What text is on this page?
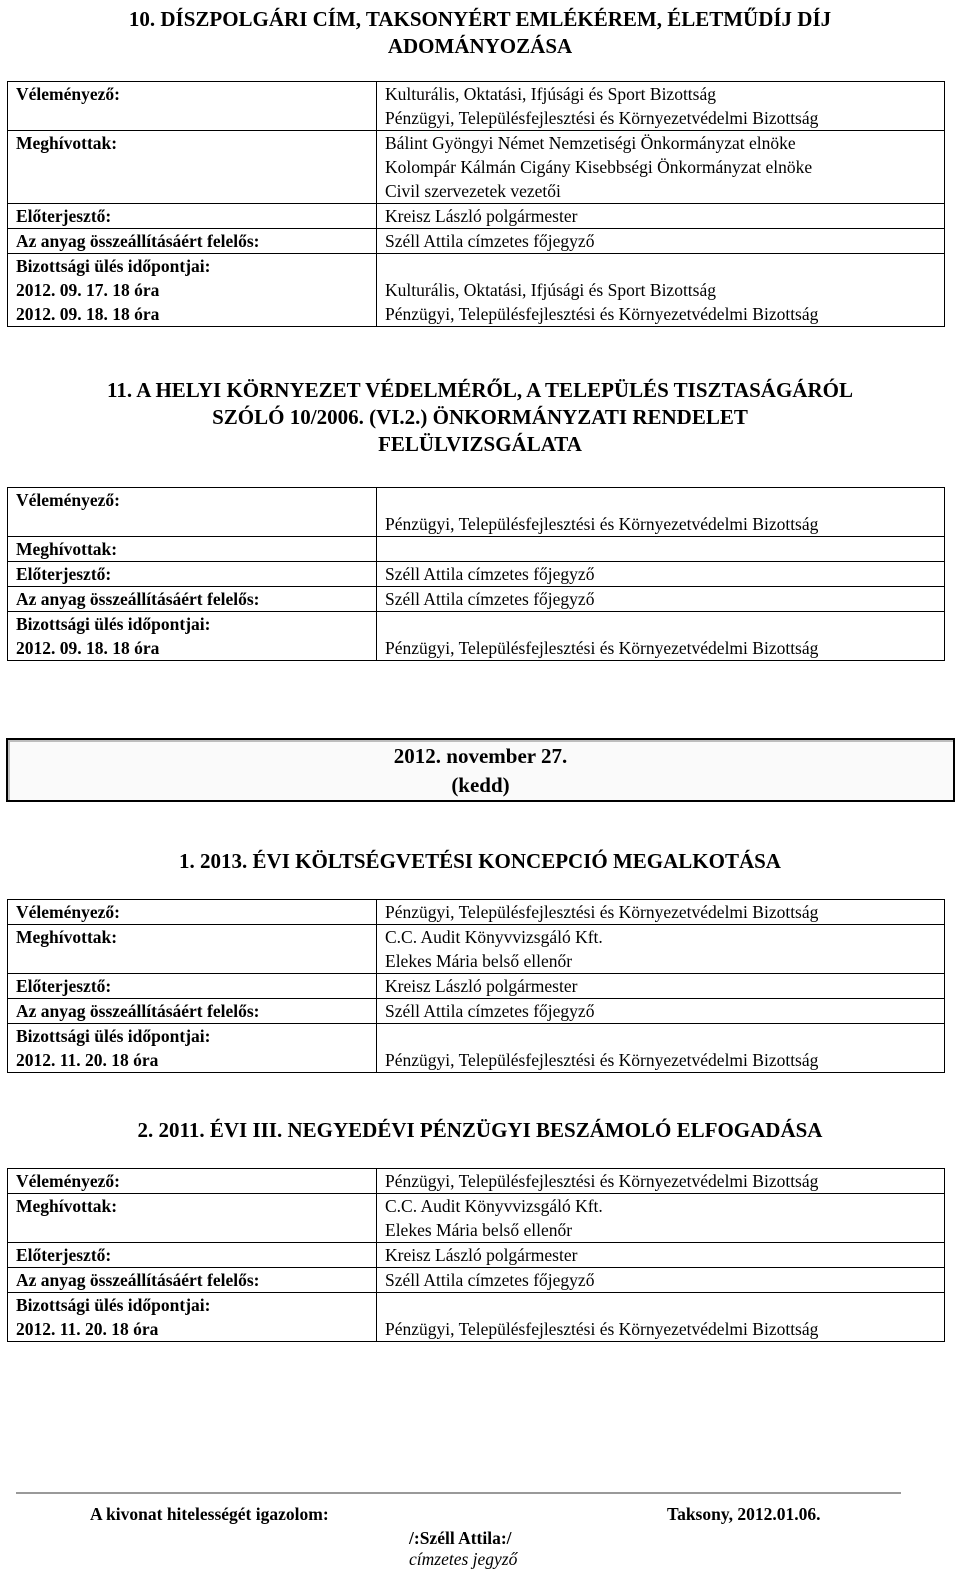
10. DÍSZPOLGÁRI CÍM, TAKSONYÉRT EMLÉKÉREM, ÉLETMŰDÍJ DÍJ
ADOMÁNYOZÁSA
Véleményező:	Kulturális, Oktatási, Ifjúsági és Sport Bizottság
Pénzügyi, Településfejlesztési és Környezetvédelmi Bizottság

Meghívottak:	Bálint Gyöngyi Német Nemzetiségi Önkormányzat elnöke
Kolompár Kálmán Cigány Kisebbségi Önkormányzat elnöke
Civil szervezetek vezetői

Előterjesztő:	Kreisz László polgármester

Az anyag összeállításáért felelős:	Széll Attila címzetes főjegyző

Bizottsági ülés időpontjai:
2012. 09. 17. 18 óra
2012. 09. 18. 18 óra	Kulturális, Oktatási, Ifjúsági és Sport Bizottság
Pénzügyi, Településfejlesztési és Környezetvédelmi Bizottság
11. A HELYI KÖRNYEZET VÉDELMÉRŐL, A TELEPÜLÉS TISZTASÁGÁRÓL
SZÓLÓ 10/2006. (VI.2.) ÖNKORMÁNYZATI RENDELET
FELÜLVIZSGÁLATA
Véleményező:	Pénzügyi, Településfejlesztési és Környezetvédelmi Bizottság

Meghívottak:	

Előterjesztő:	Széll Attila címzetes főjegyző

Az anyag összeállításáért felelős:	Széll Attila címzetes főjegyző

Bizottsági ülés időpontjai:
2012. 09. 18. 18 óra	Pénzügyi, Településfejlesztési és Környezetvédelmi Bizottság
2012. november 27.
(kedd)
1. 2013. ÉVI KÖLTSÉGVETÉSI KONCEPCIÓ MEGALKOTÁSA
Véleményező:	Pénzügyi, Településfejlesztési és Környezetvédelmi Bizottság

Meghívottak:	C.C. Audit Könyvvizsgáló Kft.
Elekes Mária belső ellenőr

Előterjesztő:	Kreisz László polgármester

Az anyag összeállításáért felelős:	Széll Attila címzetes főjegyző

Bizottsági ülés időpontjai:
2012. 11. 20. 18 óra	Pénzügyi, Településfejlesztési és Környezetvédelmi Bizottság
2. 2011. ÉVI III. NEGYEDÉVI PÉNZÜGYI BESZÁMOLÓ ELFOGADÁSA
Véleményező:	Pénzügyi, Településfejlesztési és Környezetvédelmi Bizottság

Meghívottak:	C.C. Audit Könyvvizsgáló Kft.
Elekes Mária belső ellenőr

Előterjesztő:	Kreisz László polgármester

Az anyag összeállításáért felelős:	Széll Attila címzetes főjegyző

Bizottsági ülés időpontjai:
2012. 11. 20. 18 óra	Pénzügyi, Településfejlesztési és Környezetvédelmi Bizottság
A kivonat hitelességét igazolom:	Taksony, 2012.01.06.
/:Széll Attila:/
címzetes jegyző
